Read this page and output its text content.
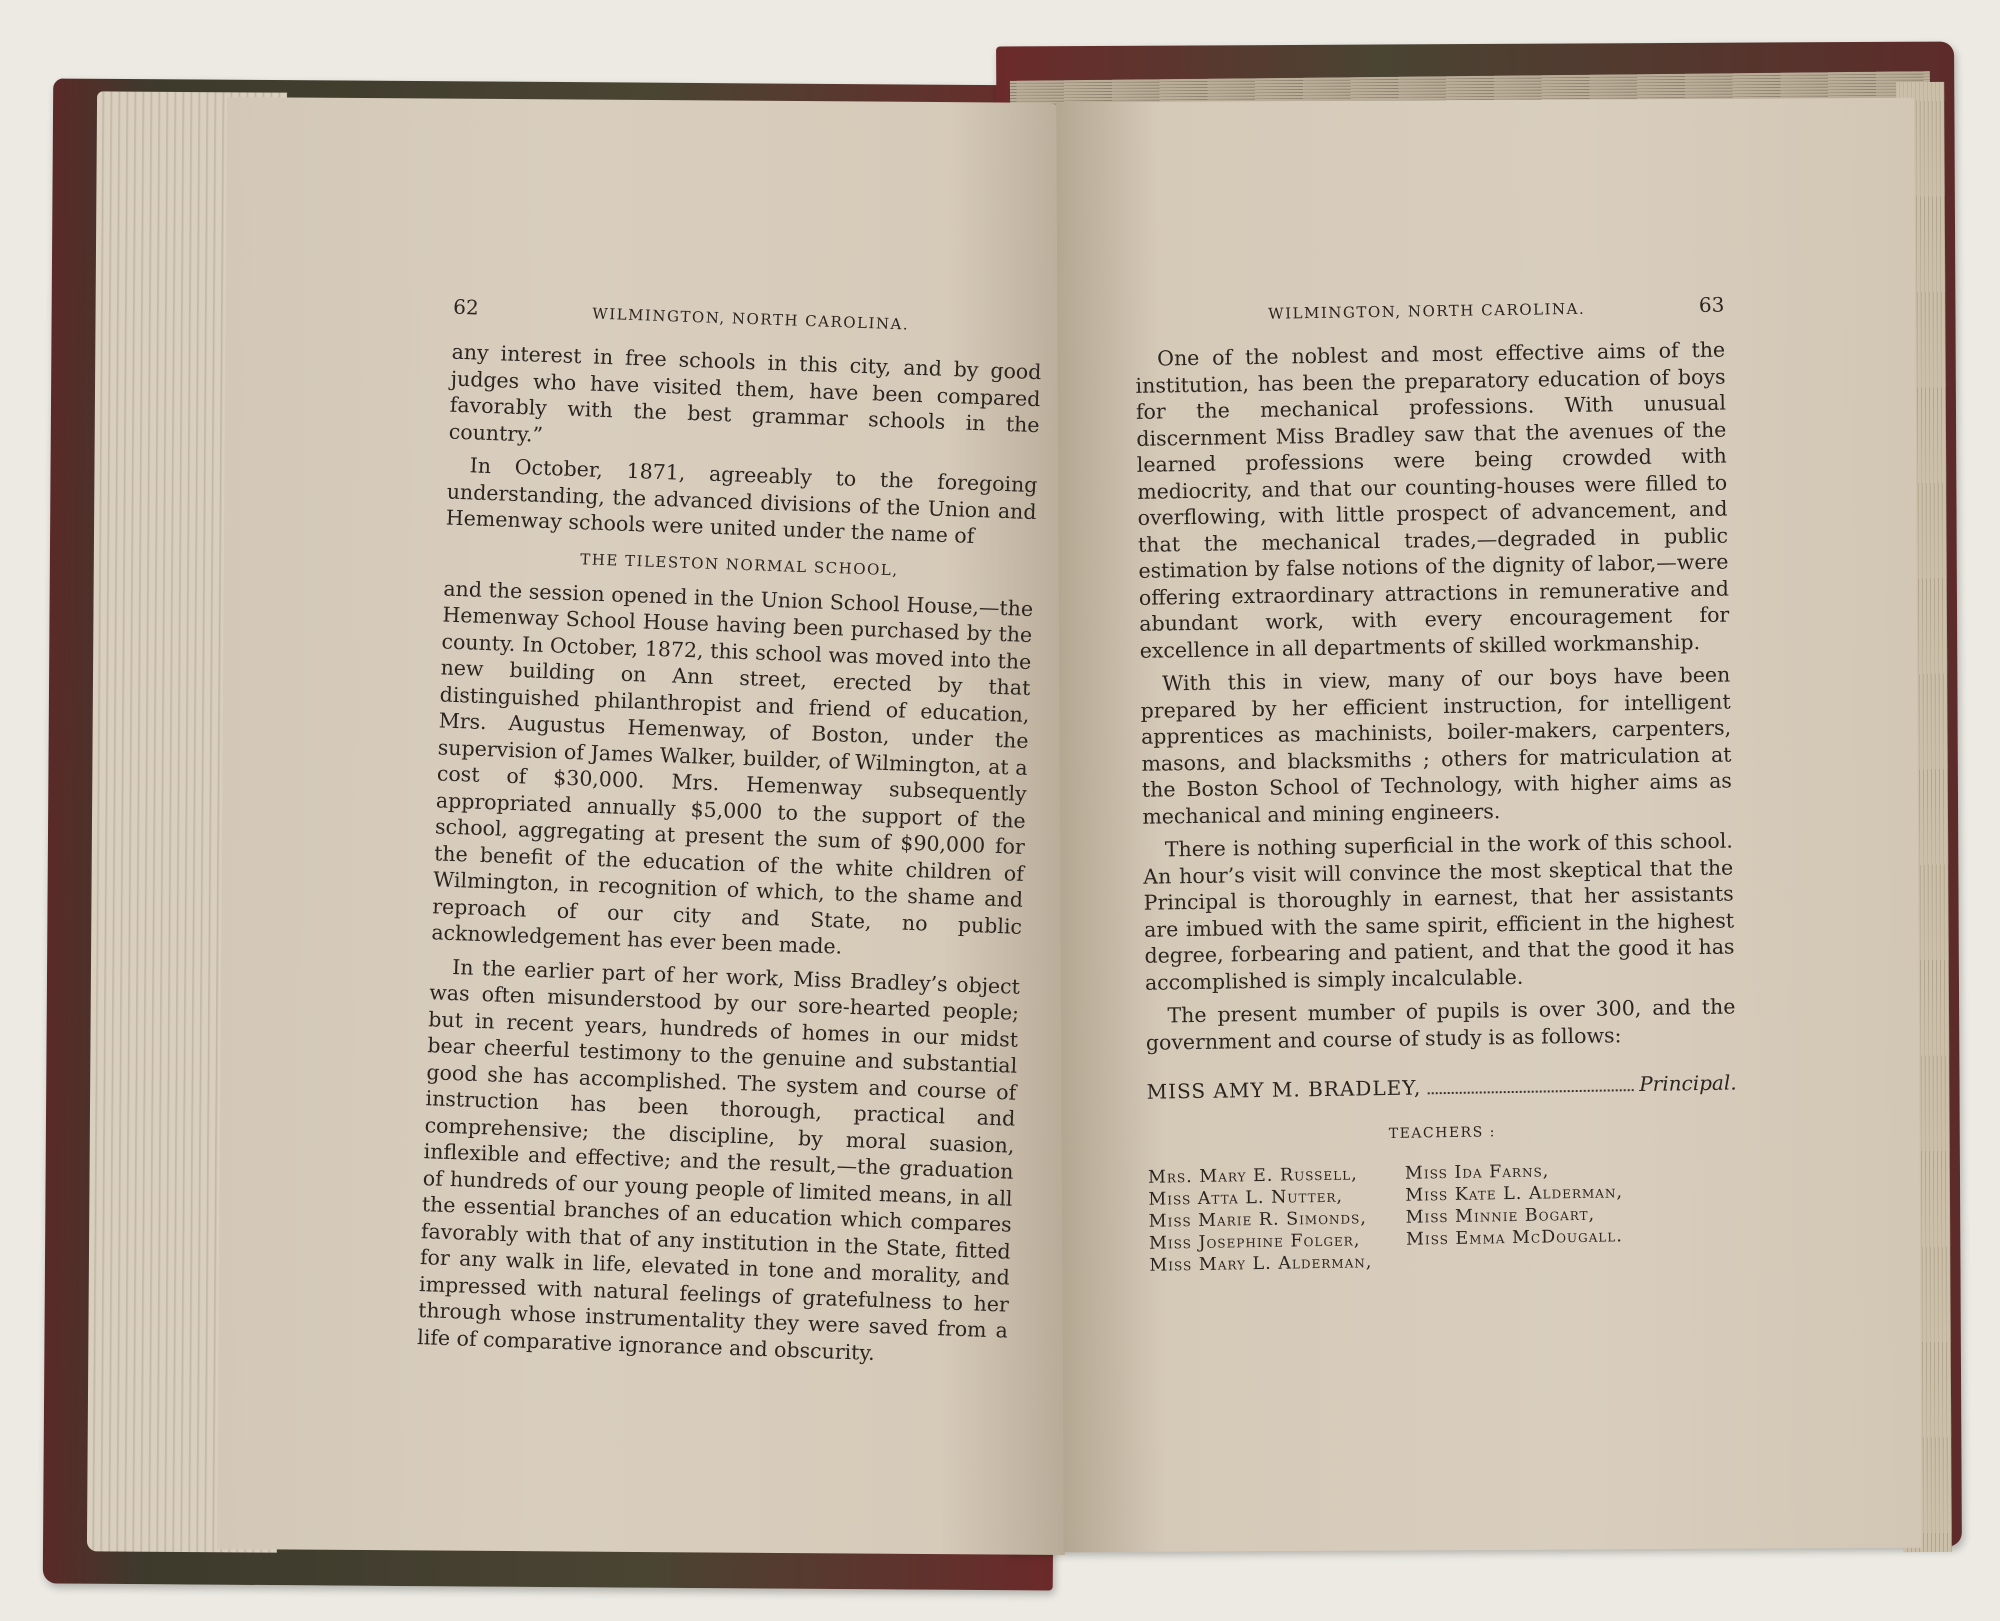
62	WILMINGTON, NORTH CAROLINA.

any interest in free schools in this city, and by good judges who have visited them, have been compared favorably with the best grammar schools in the country.”

In October, 1871, agreeably to the foregoing understanding, the advanced divisions of the Union and Hemenway schools were united under the name of

THE TILESTON NORMAL SCHOOL,

and the session opened in the Union School House,—the Hemenway School House having been purchased by the county. In October, 1872, this school was moved into the new building on Ann street, erected by that distinguished philanthropist and friend of education, Mrs. Augustus Hemenway, of Boston, under the supervision of James Walker, builder, of Wilmington, at a cost of $30,000. Mrs. Hemenway subsequently appropriated annually $5,000 to the support of the school, aggregating at present the sum of $90,000 for the benefit of the education of the white children of Wilmington, in recognition of which, to the shame and reproach of our city and State, no public acknowledgement has ever been made.

In the earlier part of her work, Miss Bradley’s object was often misunderstood by our sore-hearted people; but in recent years, hundreds of homes in our midst bear cheerful testimony to the genuine and substantial good she has accomplished. The system and course of instruction has been thorough, practical and comprehensive; the discipline, by moral suasion, inflexible and effective; and the result,—the graduation of hundreds of our young people of limited means, in all the essential branches of an education which compares favorably with that of any institution in the State, fitted for any walk in life, elevated in tone and morality, and impressed with natural feelings of gratefulness to her through whose instrumentality they were saved from a life of comparative ignorance and obscurity.

WILMINGTON, NORTH CAROLINA.	63

One of the noblest and most effective aims of the institution, has been the preparatory education of boys for the mechanical professions. With unusual discernment Miss Bradley saw that the avenues of the learned professions were being crowded with mediocrity, and that our counting-houses were filled to overflowing, with little prospect of advancement, and that the mechanical trades,—degraded in public estimation by false notions of the dignity of labor,—were offering extraordinary attractions in remunerative and abundant work, with every encouragement for excellence in all departments of skilled workmanship.

With this in view, many of our boys have been prepared by her efficient instruction, for intelligent apprentices as machinists, boiler-makers, carpenters, masons, and blacksmiths ; others for matriculation at the Boston School of Technology, with higher aims as mechanical and mining engineers.

There is nothing superficial in the work of this school. An hour’s visit will convince the most skeptical that the Principal is thoroughly in earnest, that her assistants are imbued with the same spirit, efficient in the highest degree, forbearing and patient, and that the good it has accomplished is simply incalculable.

The present mumber of pupils is over 300, and the government and course of study is as follows:

MISS AMY M. BRADLEY,	Principal.
TEACHERS :
Mrs. Mary E. Russell,
Miss Atta L. Nutter,
Miss Marie R. Simonds,
Miss Josephine Folger,
Miss Mary L. Alderman,
Miss Ida Farns,
Miss Kate L. Alderman,
Miss Minnie Bogart,
Miss Emma McDougall.
